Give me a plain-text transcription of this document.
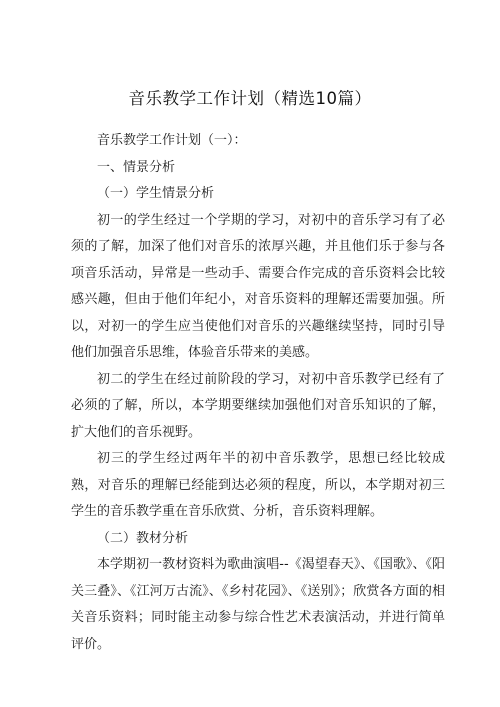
音乐教学工作计划（精选10篇）

音乐教学工作计划（一）：

一、情景分析

（一）学生情景分析

初一的学生经过一个学期的学习，对初中的音乐学习有了必须的了解，加深了他们对音乐的浓厚兴趣，并且他们乐于参与各项音乐活动，异常是一些动手、需要合作完成的音乐资料会比较感兴趣，但由于他们年纪小，对音乐资料的理解还需要加强。所以，对初一的学生应当使他们对音乐的兴趣继续坚持，同时引导他们加强音乐思维，体验音乐带来的美感。

初二的学生在经过前阶段的学习，对初中音乐教学已经有了必须的了解，所以，本学期要继续加强他们对音乐知识的了解，扩大他们的音乐视野。

初三的学生经过两年半的初中音乐教学，思想已经比较成熟，对音乐的理解已经能到达必须的程度，所以，本学期对初三学生的音乐教学重在音乐欣赏、分析，音乐资料理解。

（二）教材分析

本学期初一教材资料为歌曲演唱--《渴望春天》、《国歌》、《阳关三叠》、《江河万古流》、《乡村花园》、《送别》；欣赏各方面的相关音乐资料；同时能主动参与综合性艺术表演活动，并进行简单评价。
